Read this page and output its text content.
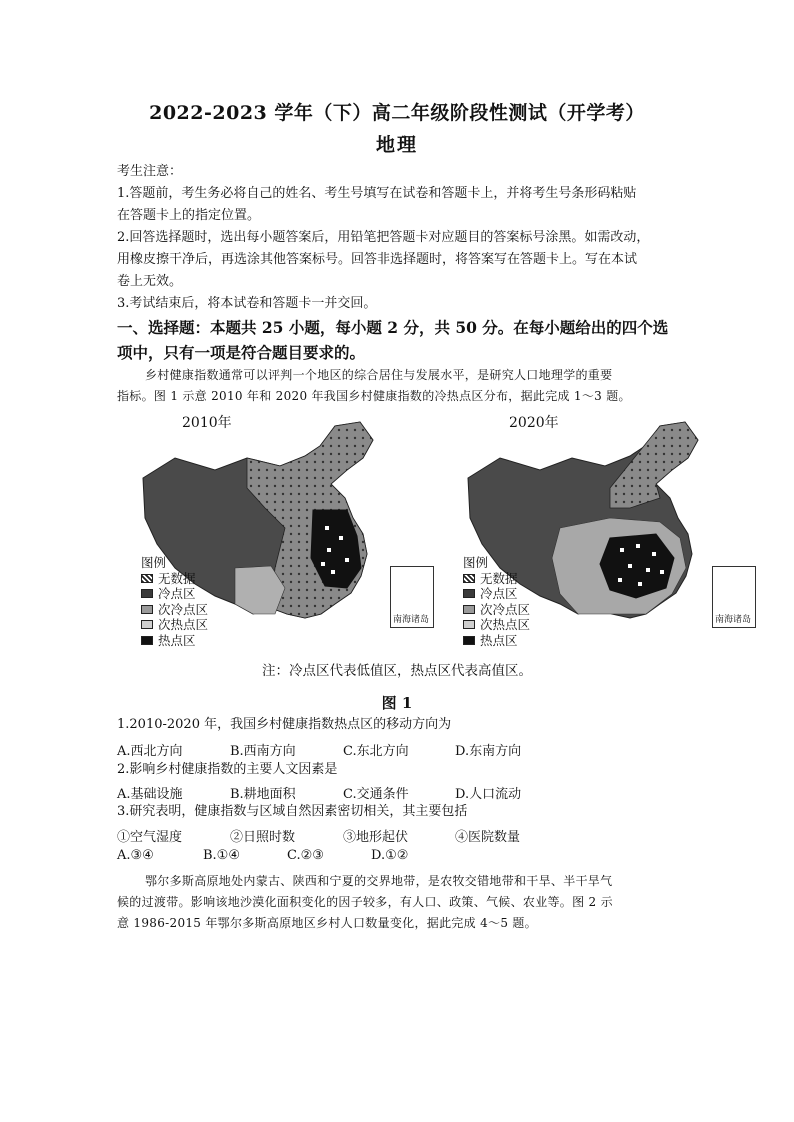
2022-2023 学年（下）高二年级阶段性测试（开学考）
地理
考生注意：
1.答题前，考生务必将自己的姓名、考生号填写在试卷和答题卡上，并将考生号条形码粘贴
在答题卡上的指定位置。
2.回答选择题时，选出每小题答案后，用铅笔把答题卡对应题目的答案标号涂黑。如需改动，
用橡皮擦干净后，再选涂其他答案标号。回答非选择题时，将答案写在答题卡上。写在本试
卷上无效。
3.考试结束后，将本试卷和答题卡一并交回。
一、选择题：本题共 25 小题，每小题 2 分，共 50 分。在每小题给出的四个选
项中，只有一项是符合题目要求的。
乡村健康指数通常可以评判一个地区的综合居住与发展水平，是研究人口地理学的重要
指标。图 1 示意 2010 年和 2020 年我国乡村健康指数的冷热点区分布，据此完成 1～3 题。
2010年	2020年
图例
无数据
冷点区
次冷点区
次热点区
热点区
图例
无数据
冷点区
次冷点区
次热点区
热点区
南海诸岛	南海诸岛
注：冷点区代表低值区，热点区代表高值区。
图 1
1.2010-2020 年，我国乡村健康指数热点区的移动方向为
A.西北方向	B.西南方向	C.东北方向	D.东南方向
2.影响乡村健康指数的主要人文因素是
A.基础设施	B.耕地面积	C.交通条件	D.人口流动
3.研究表明，健康指数与区域自然因素密切相关，其主要包括
①空气湿度	②日照时数	③地形起伏	④医院数量
A.③④	B.①④	C.②③	D.①②
鄂尔多斯高原地处内蒙古、陕西和宁夏的交界地带，是农牧交错地带和干旱、半干旱气
候的过渡带。影响该地沙漠化面积变化的因子较多，有人口、政策、气候、农业等。图 2 示
意 1986-2015 年鄂尔多斯高原地区乡村人口数量变化，据此完成 4～5 题。
